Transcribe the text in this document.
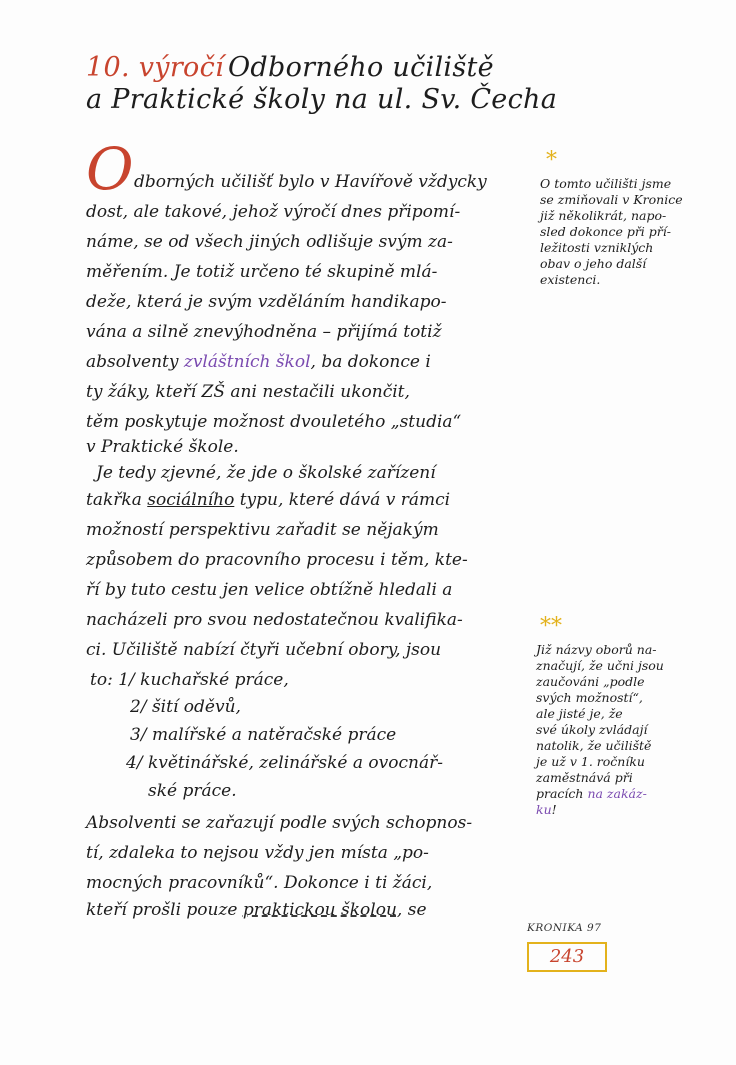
10. výročí Odborného učiliště
a Praktické školy na ul. Sv. Čecha
O dborných učilišť bylo v Havířově vždycky
dost, ale takové, jehož výročí dnes připomí-
náme, se od všech jiných odlišuje svým za-
měřením. Je totiž určeno té skupině mlá-
deže, která je svým vzděláním handikapo-
vána a silně znevýhodněna – přijímá totiž
absolventy zvláštních škol, ba dokonce i
ty žáky, kteří ZŠ ani nestačili ukončit,
těm poskytuje možnost dvouletého „studia“
v Praktické škole.
Je tedy zjevné, že jde o školské zařízení
takřka sociálního typu, které dává v rámci
možností perspektivu zařadit se nějakým
způsobem do pracovního procesu i těm, kte-
ří by tuto cestu jen velice obtížně hledali a
nacházeli pro svou nedostatečnou kvalifika-
ci. Učiliště nabízí čtyři učební obory, jsou
to: 1/ kuchařské práce,
2/ šití oděvů,
3/ malířské a natěračské práce
4/ květinářské, zelinářské a ovocnář-
ské práce.
Absolventi se zařazují podle svých schopnos-
tí, zdaleka to nejsou vždy jen místa „po-
mocných pracovníků“. Dokonce i ti žáci,
kteří prošli pouze praktickou školou, se
*
O tomto učilišti jsme
se zmiňovali v Kronice
již několikrát, napo-
sled dokonce při pří-
ležitosti vzniklých
obav o jeho další
existenci.
**
Již názvy oborů na-
značují, že učni jsou
zaučováni „podle
svých možností“,
ale jisté je, že
své úkoly zvládají
natolik, že učiliště
je už v 1. ročníku
zaměstnává při
pracích na zakáz-
ku!
KRONIKA 97
243
